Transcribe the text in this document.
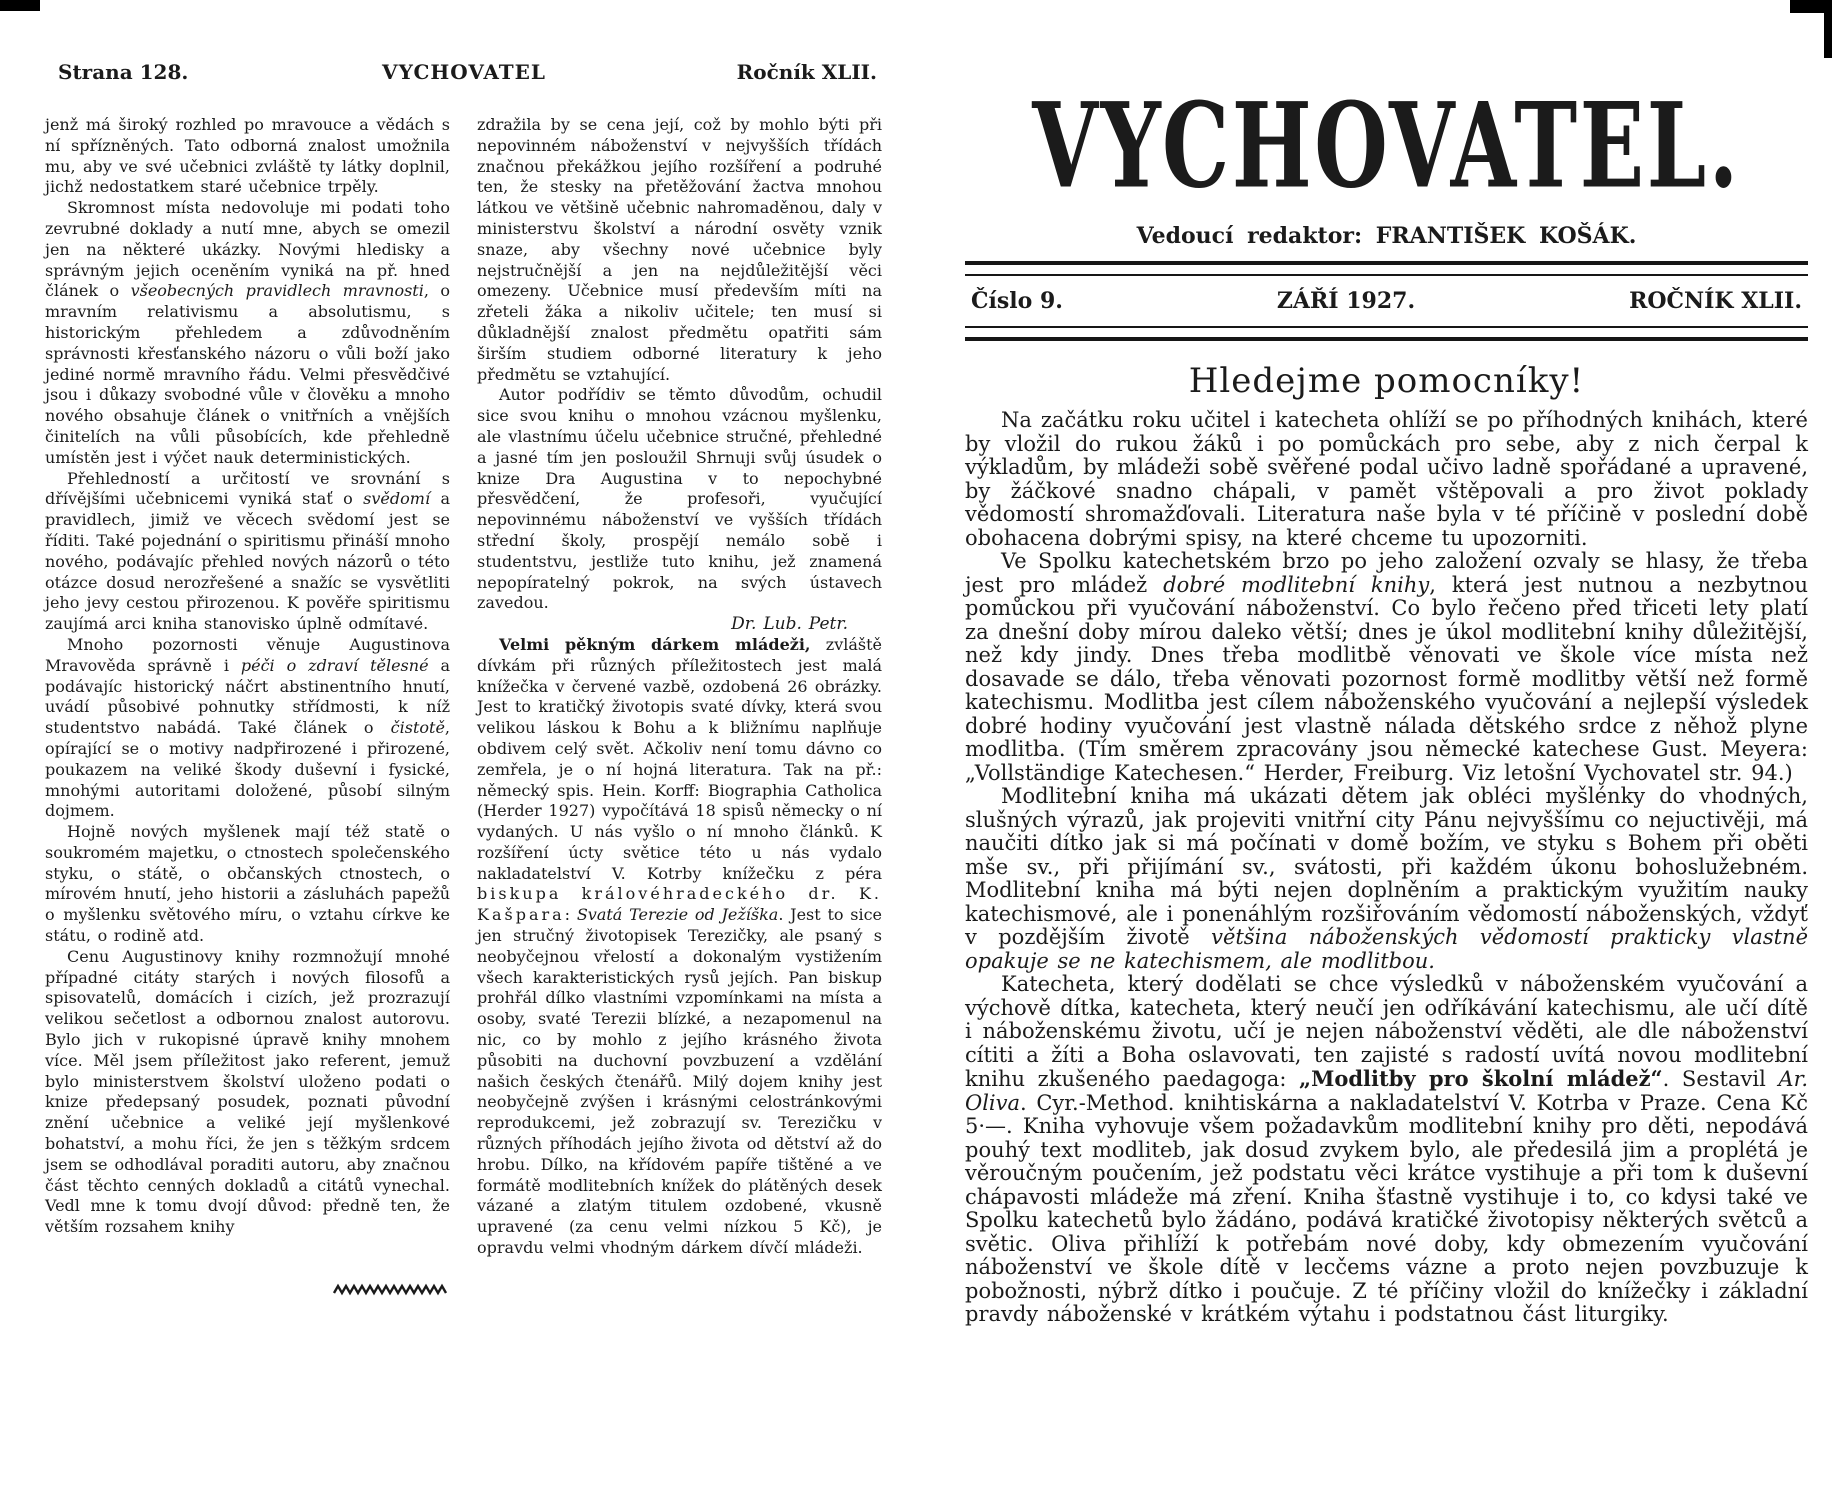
Strana 128.	VYCHOVATEL	Ročník XLII.

jenž má široký rozhled po mravouce a vědách s ní spřízněných. Tato odborná znalost umožnila mu, aby ve své učebnici zvláště ty látky doplnil, jichž nedostatkem staré učebnice trpěly.

Skromnost místa nedovoluje mi podati toho zevrubné doklady a nutí mne, abych se omezil jen na některé ukázky. Novými hledisky a správným jejich oceněním vyniká na př. hned článek o všeobecných pravidlech mravnosti, o mravním relativismu a absolutismu, s historickým přehledem a zdůvodněním správnosti křesťanského názoru o vůli boží jako jediné normě mravního řádu. Velmi přesvědčivé jsou i důkazy svobodné vůle v člověku a mnoho nového obsahuje článek o vnitřních a vnějších činitelích na vůli působících, kde přehledně umístěn jest i výčet nauk deterministických.

Přehledností a určitostí ve srovnání s dřívějšími učebnicemi vyniká stať o svědomí a pravidlech, jimiž ve věcech svědomí jest se říditi. Také pojednání o spiritismu přináší mnoho nového, podávajíc přehled nových názorů o této otázce dosud nerozřešené a snažíc se vysvětliti jeho jevy cestou přirozenou. K pověře spiritismu zaujímá arci kniha stanovisko úplně odmítavé.

Mnoho pozornosti věnuje Augustinova Mravověda správně i péči o zdraví tělesné a podávajíc historický náčrt abstinentního hnutí, uvádí působivé pohnutky střídmosti, k níž studentstvo nabádá. Také článek o čistotě, opírající se o motivy nadpřirozené i přirozené, poukazem na veliké škody duševní i fysické, mnohými autoritami doložené, působí silným dojmem.

Hojně nových myšlenek mají též statě o soukromém majetku, o ctnostech společenského styku, o státě, o občanských ctnostech, o mírovém hnutí, jeho historii a zásluhách papežů o myšlenku světového míru, o vztahu církve ke státu, o rodině atd.

Cenu Augustinovy knihy rozmnožují mnohé případné citáty starých i nových filosofů a spisovatelů, domácích i cizích, jež prozrazují velikou sečetlost a odbornou znalost autorovu. Bylo jich v rukopisné úpravě knihy mnohem více. Měl jsem příležitost jako referent, jemuž bylo ministerstvem školství uloženo podati o knize předepsaný posudek, poznati původní znění učebnice a veliké její myšlenkové bohatství, a mohu říci, že jen s těžkým srdcem jsem se odhodlával poraditi autoru, aby značnou část těchto cenných dokladů a citátů vynechal. Vedl mne k tomu dvojí důvod: předně ten, že větším rozsahem knihy

zdražila by se cena její, což by mohlo býti při nepovinném náboženství v nejvyšších třídách značnou překážkou jejího rozšíření a podruhé ten, že stesky na přetěžování žactva mnohou látkou ve většině učebnic nahromaděnou, daly v ministerstvu školství a národní osvěty vznik snaze, aby všechny nové učebnice byly nejstručnější a jen na nejdůležitější věci omezeny. Učebnice musí především míti na zřeteli žáka a nikoliv učitele; ten musí si důkladnější znalost předmětu opatřiti sám širším studiem odborné literatury k jeho předmětu se vztahující.

Autor podřídiv se těmto důvodům, ochudil sice svou knihu o mnohou vzácnou myšlenku, ale vlastnímu účelu učebnice stručné, přehledné a jasné tím jen posloužil Shrnuji svůj úsudek o knize Dra Augustina v to nepochybné přesvědčení, že profesoři, vyučující nepovinnému náboženství ve vyšších třídách střední školy, prospějí nemálo sobě i studentstvu, jestliže tuto knihu, jež znamená nepopíratelný pokrok, na svých ústavech zavedou.

Dr. Lub. Petr.

Velmi pěkným dárkem mládeži, zvláště dívkám při různých příležitostech jest malá knížečka v červené vazbě, ozdobená 26 obrázky. Jest to kratičký životopis svaté dívky, která svou velikou láskou k Bohu a k bližnímu naplňuje obdivem celý svět. Ačkoliv není tomu dávno co zemřela, je o ní hojná literatura. Tak na př.: německý spis. Hein. Korff: Biographia Catholica (Herder 1927) vypočítává 18 spisů německy o ní vydaných. U nás vyšlo o ní mnoho článků. K rozšíření úcty světice této u nás vydalo nakladatelství V. Kotrby knížečku z péra biskupa královéhradeckého dr. K. Kašpara: Svatá Terezie od Ježíška. Jest to sice jen stručný životopisek Terezičky, ale psaný s neobyčejnou vřelostí a dokonalým vystižením všech karakteristických rysů jejích. Pan biskup prohřál dílko vlastními vzpomínkami na místa a osoby, svaté Terezii blízké, a nezapomenul na nic, co by mohlo z jejího krásného života působiti na duchovní povzbuzení a vzdělání našich českých čtenářů. Milý dojem knihy jest neobyčejně zvýšen i krásnými celostránkovými reprodukcemi, jež zobrazují sv. Terezičku v různých příhodách jejího života od dětství až do hrobu. Dílko, na křídovém papíře tištěné a ve formátě modlitebních knížek do plátěných desek vázané a zlatým titulem ozdobené, vkusně upravené (za cenu velmi nízkou 5 Kč), je opravdu velmi vhodným dárkem dívčí mládeži.

VYCHOVATEL.
Vedoucí redaktor: FRANTIŠEK KOŠÁK.
Číslo 9.	ZÁŘÍ 1927.	ROČNÍK XLII.
Hledejme pomocníky!

Na začátku roku učitel i katecheta ohlíží se po příhodných knihách, které by vložil do rukou žáků i po pomůckách pro sebe, aby z nich čerpal k výkladům, by mládeži sobě svěřené podal učivo ladně spořádané a upravené, by žáčkové snadno chápali, v pamět vštěpovali a pro život poklady vědomostí shromažďovali. Literatura naše byla v té příčině v poslední době obohacena dobrými spisy, na které chceme tu upozorniti.

Ve Spolku katechetském brzo po jeho založení ozvaly se hlasy, že třeba jest pro mládež dobré modlitební knihy, která jest nutnou a nezbytnou pomůckou při vyučování náboženství. Co bylo řečeno před třiceti lety platí za dnešní doby mírou daleko větší; dnes je úkol modlitební knihy důležitější, než kdy jindy. Dnes třeba modlitbě věnovati ve škole více místa než dosavade se dálo, třeba věnovati pozornost formě modlitby větší než formě katechismu. Modlitba jest cílem náboženského vyučování a nejlepší výsledek dobré hodiny vyučování jest vlastně nálada dětského srdce z něhož plyne modlitba. (Tím směrem zpracovány jsou německé katechese Gust. Meyera: „Vollständige Katechesen.“ Herder, Freiburg. Viz letošní Vychovatel str. 94.)

Modlitební kniha má ukázati dětem jak obléci myšlénky do vhodných, slušných výrazů, jak projeviti vnitřní city Pánu nejvyššímu co nejuctivěji, má naučiti dítko jak si má počínati v domě božím, ve styku s Bohem při oběti mše sv., při přijímání sv., svátosti, při každém úkonu bohoslužebném. Modlitební kniha má býti nejen doplněním a praktickým využitím nauky katechismové, ale i ponenáhlým rozšiřováním vědomostí náboženských, vždyť v pozdějším životě většina náboženských vědomostí prakticky vlastně opakuje se ne katechismem, ale modlitbou.

Katecheta, který dodělati se chce výsledků v náboženském vyučování a výchově dítka, katecheta, který neučí jen odříkávání katechismu, ale učí dítě i náboženskému životu, učí je nejen náboženství věděti, ale dle náboženství cítiti a žíti a Boha oslavovati, ten zajisté s radostí uvítá novou modlitební knihu zkušeného paedagoga: „Modlitby pro školní mládež“. Sestavil Ar. Oliva. Cyr.-Method. knihtiskárna a nakladatelství V. Kotrba v Praze. Cena Kč 5·—. Kniha vyhovuje všem požadavkům modlitební knihy pro děti, nepodává pouhý text modliteb, jak dosud zvykem bylo, ale předesilá jim a proplétá je věroučným poučením, jež podstatu věci krátce vystihuje a při tom k duševní chápavosti mládeže má zření. Kniha šťastně vystihuje i to, co kdysi také ve Spolku katechetů bylo žádáno, podává kratičké životopisy některých světců a světic. Oliva přihlíží k potřebám nové doby, kdy obmezením vyučování náboženství ve škole dítě v lecčems vázne a proto nejen povzbuzuje k pobožnosti, nýbrž dítko i poučuje. Z té příčiny vložil do knížečky i základní pravdy náboženské v krátkém výtahu i podstatnou část liturgiky.
